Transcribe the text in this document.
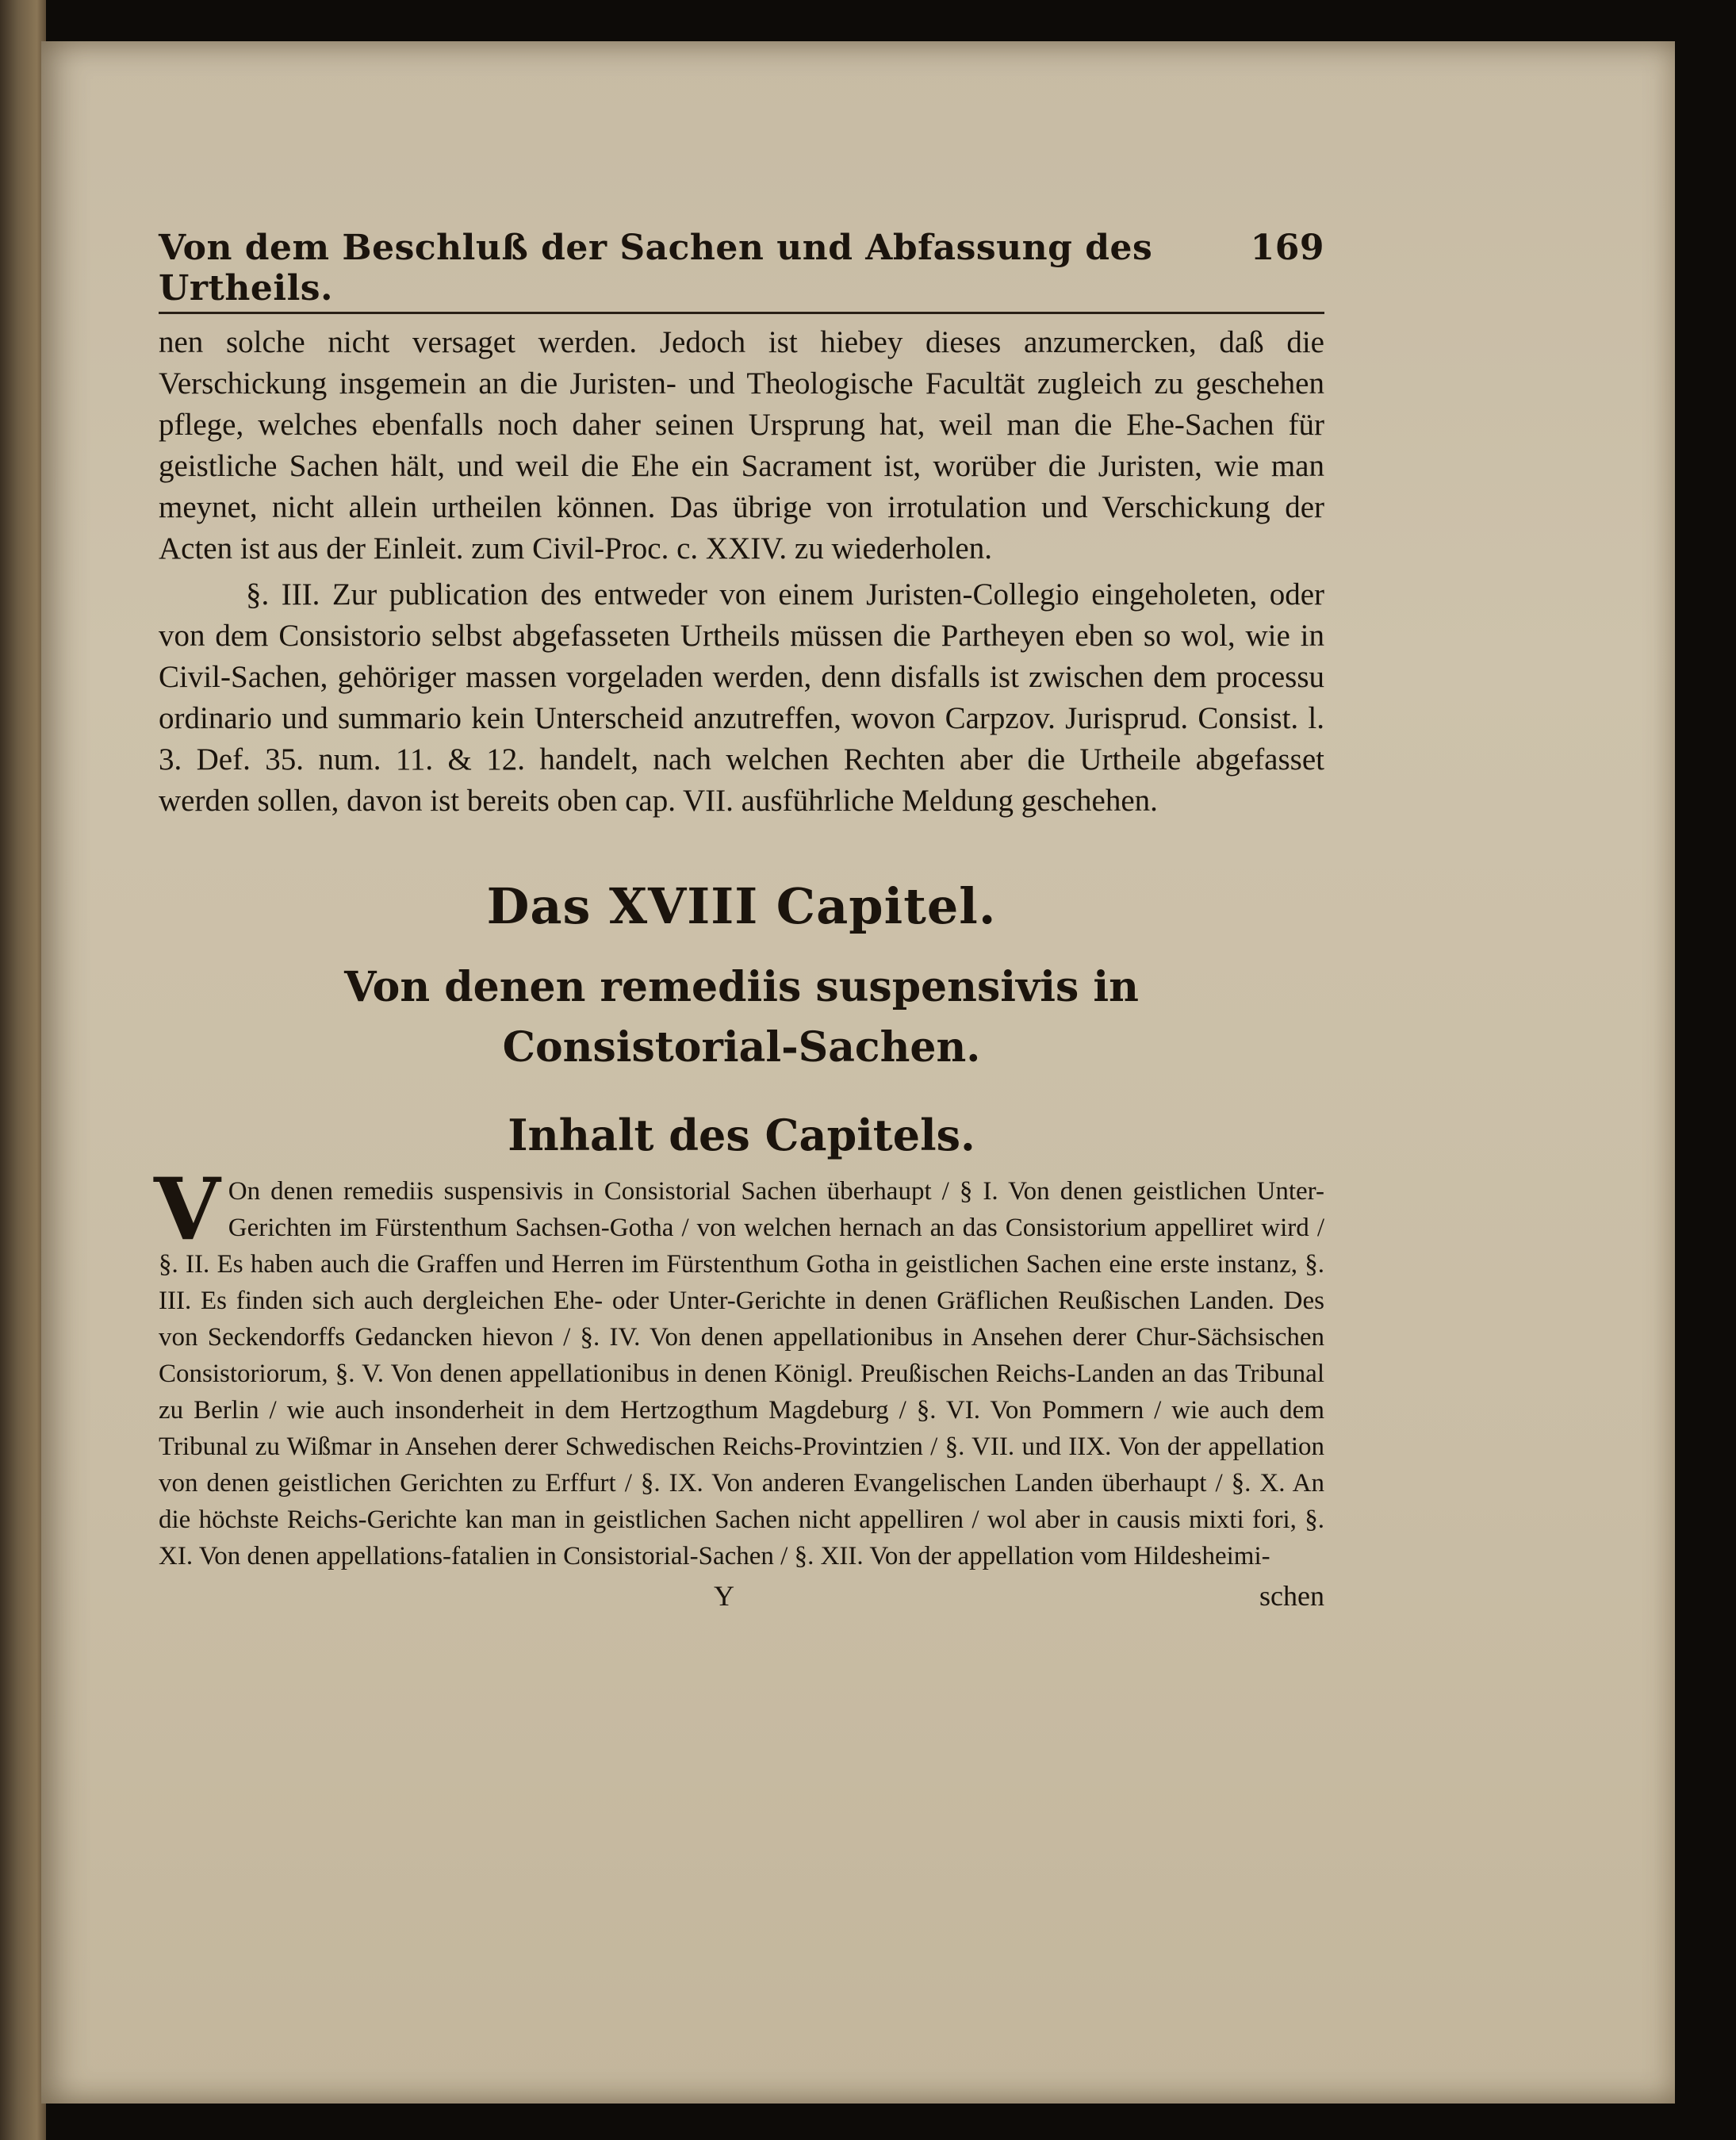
Von dem Beschluß der Sachen und Abfassung des Urtheils.
169

nen solche nicht versaget werden. Jedoch ist hiebey dieses anzumercken, daß die Verschickung insgemein an die Juristen- und Theologische Facultät zugleich zu geschehen pflege, welches ebenfalls noch daher seinen Ursprung hat, weil man die Ehe-Sachen für geistliche Sachen hält, und weil die Ehe ein Sacrament ist, worüber die Juristen, wie man meynet, nicht allein urtheilen können. Das übrige von irrotulation und Verschickung der Acten ist aus der Einleit. zum Civil-Proc. c. XXIV. zu wiederholen.

§. III. Zur publication des entweder von einem Juristen-Collegio eingeholeten, oder von dem Consistorio selbst abgefasseten Urtheils müssen die Partheyen eben so wol, wie in Civil-Sachen, gehöriger massen vorgeladen werden, denn disfalls ist zwischen dem processu ordinario und summario kein Unterscheid anzutreffen, wovon Carpzov. Jurisprud. Consist. l. 3. Def. 35. num. 11. & 12. handelt, nach welchen Rechten aber die Urtheile abgefasset werden sollen, davon ist bereits oben cap. VII. ausführliche Meldung geschehen.

Das XVIII Capitel.
Von denen remediis suspensivis in Consistorial-Sachen.
Inhalt des Capitels.

V On denen remediis suspensivis in Consistorial Sachen überhaupt / § I. Von denen geistlichen Unter-Gerichten im Fürstenthum Sachsen-Gotha / von welchen hernach an das Consistorium appelliret wird / §. II. Es haben auch die Graffen und Herren im Fürstenthum Gotha in geistlichen Sachen eine erste instanz, §. III. Es finden sich auch dergleichen Ehe- oder Unter-Gerichte in denen Gräflichen Reußischen Landen. Des von Seckendorffs Gedancken hievon / §. IV. Von denen appellationibus in Ansehen derer Chur-Sächsischen Consistoriorum, §. V. Von denen appellationibus in denen Königl. Preußischen Reichs-Landen an das Tribunal zu Berlin / wie auch insonderheit in dem Hertzogthum Magdeburg / §. VI. Von Pommern / wie auch dem Tribunal zu Wißmar in Ansehen derer Schwedischen Reichs-Provintzien / §. VII. und IIX. Von der appellation von denen geistlichen Gerichten zu Erffurt / §. IX. Von anderen Evangelischen Landen überhaupt / §. X. An die höchste Reichs-Gerichte kan man in geistlichen Sachen nicht appelliren / wol aber in causis mixti fori, §. XI. Von denen appellations-fatalien in Consistorial-Sachen / §. XII. Von der appellation vom Hildesheimi-

Y	schen
